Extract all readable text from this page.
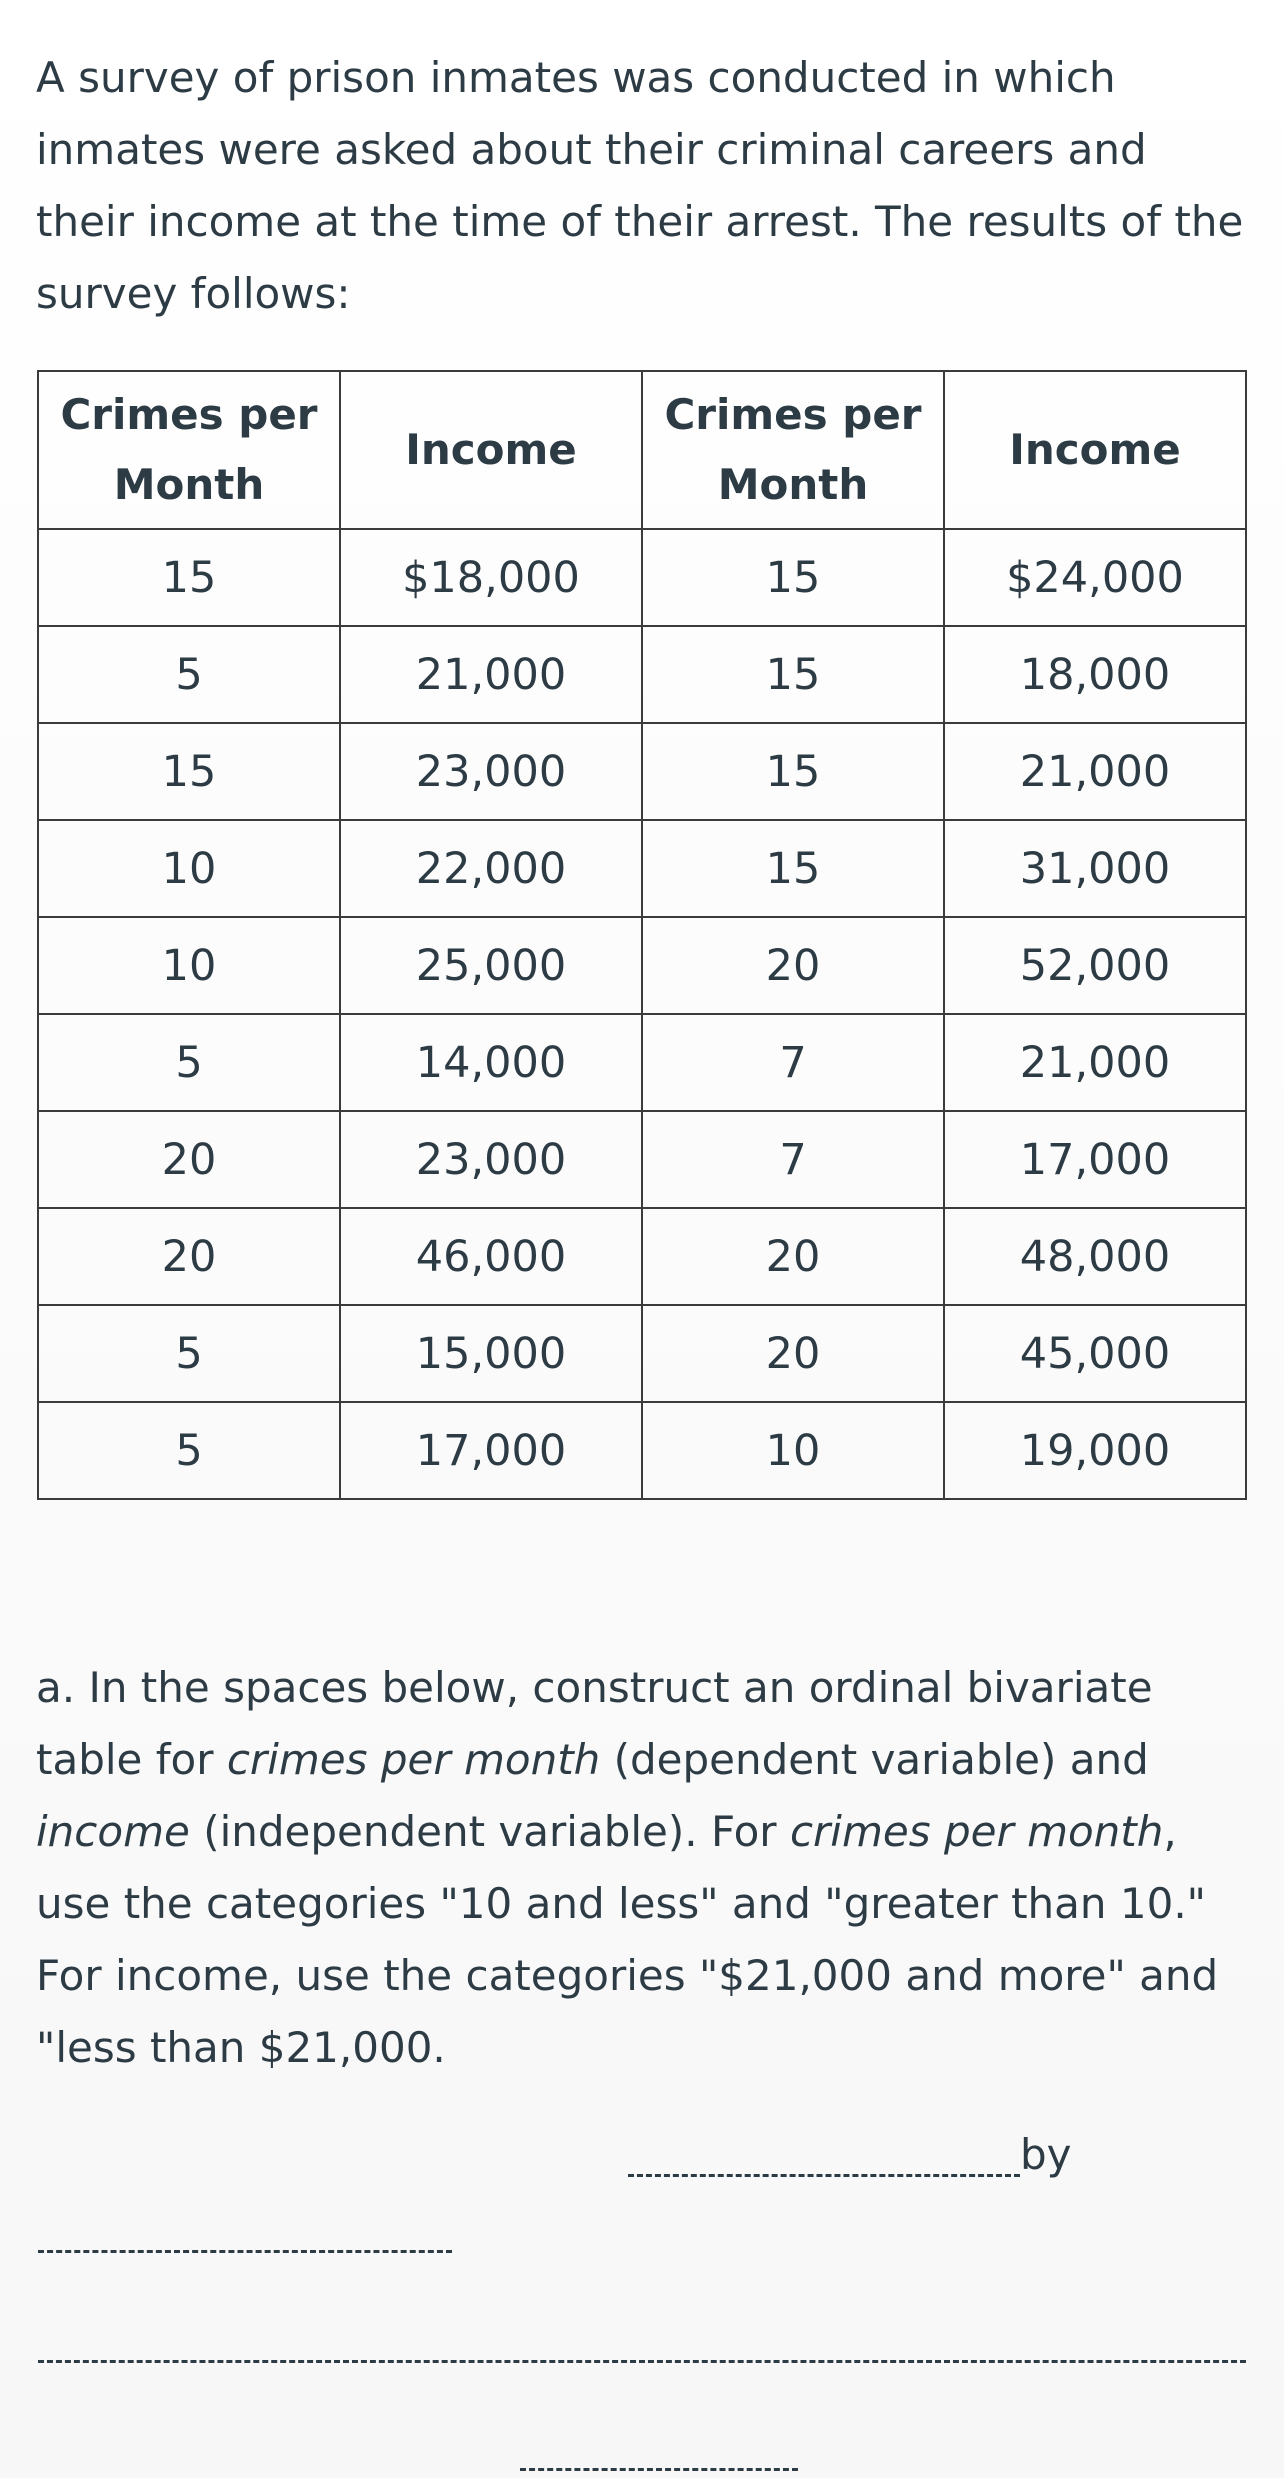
A survey of prison inmates was conducted in which inmates were asked about their criminal careers and their income at the time of their arrest. The results of the survey follows:
Crimes per Month	Income	Crimes per Month	Income
15	$18,000	15	$24,000
5	21,000	15	18,000
15	23,000	15	21,000
10	22,000	15	31,000
10	25,000	20	52,000
5	14,000	7	21,000
20	23,000	7	17,000
20	46,000	20	48,000
5	15,000	20	45,000
5	17,000	10	19,000
a. In the spaces below, construct an ordinal bivariate table for crimes per month (dependent variable) and income (independent variable). For crimes per month, use the categories "10 and less" and "greater than 10." For income, use the categories "$21,000 and more" and "less than $21,000.
by
